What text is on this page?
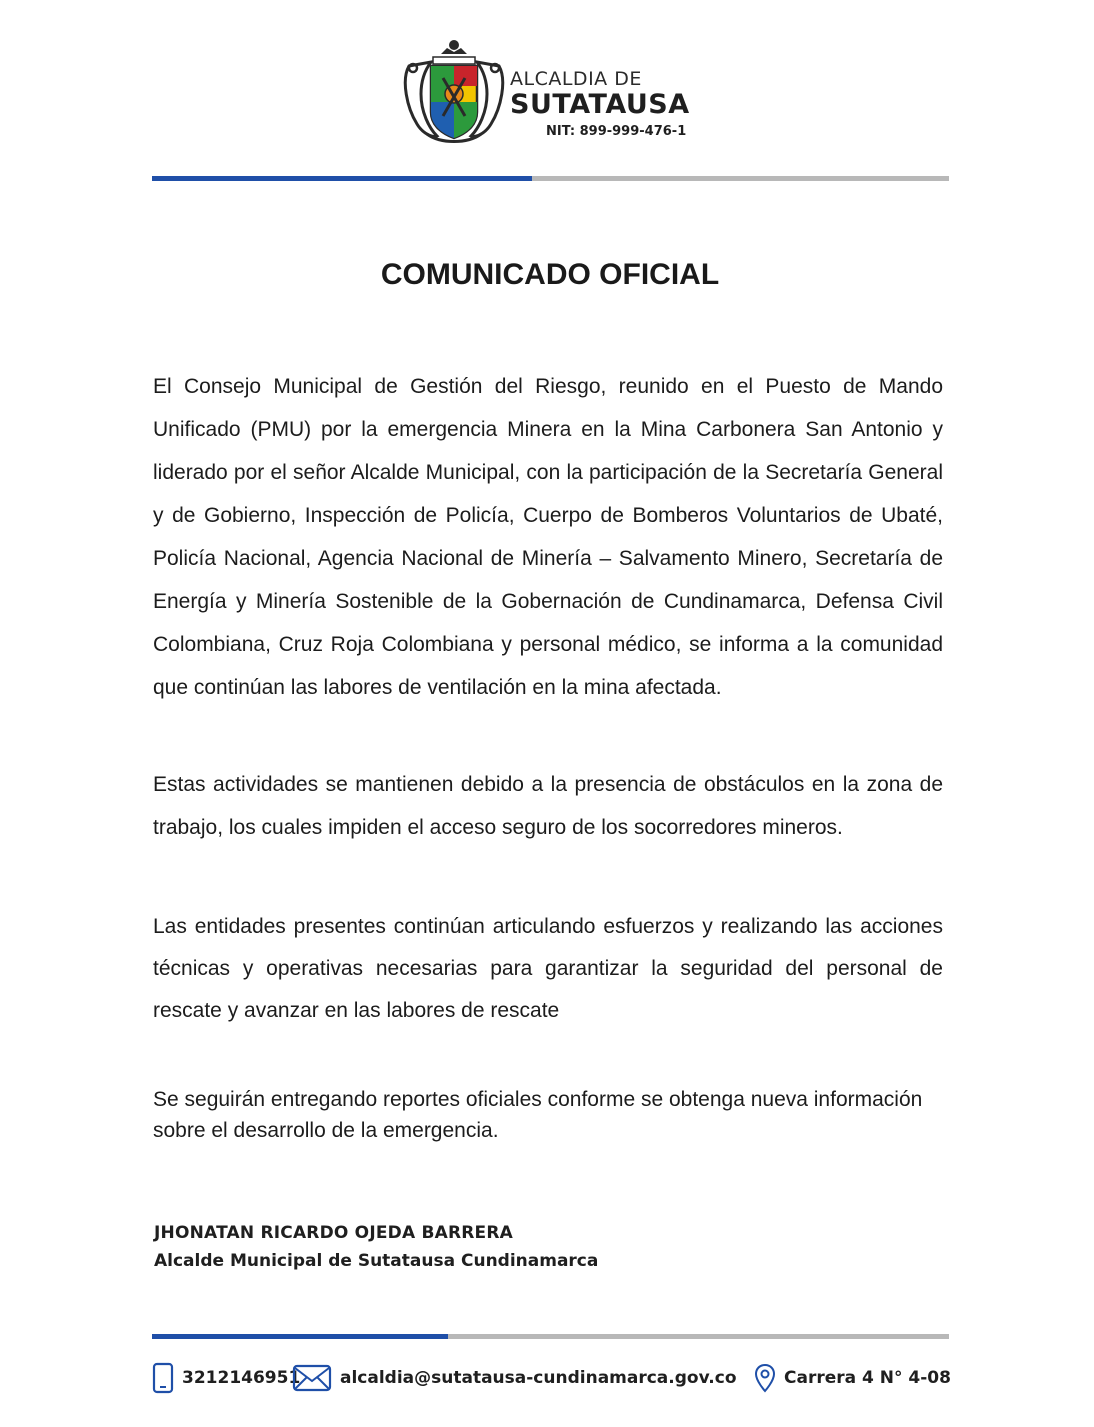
ALCALDIA DE
SUTATAUSA
NIT: 899-999-476-1
COMUNICADO OFICIAL

El Consejo Municipal de Gestión del Riesgo, reunido en el Puesto de Mando Unificado (PMU) por la emergencia Minera en la Mina Carbonera San Antonio y liderado por el señor Alcalde Municipal, con la participación de la Secretaría General y de Gobierno, Inspección de Policía, Cuerpo de Bomberos Voluntarios de Ubaté, Policía Nacional, Agencia Nacional de Minería – Salvamento Minero, Secretaría de Energía y Minería Sostenible de la Gobernación de Cundinamarca, Defensa Civil Colombiana, Cruz Roja Colombiana y personal médico, se informa a la comunidad que continúan las labores de ventilación en la mina afectada.

Estas actividades se mantienen debido a la presencia de obstáculos en la zona de trabajo, los cuales impiden el acceso seguro de los socorredores mineros.

Las entidades presentes continúan articulando esfuerzos y realizando las acciones técnicas y operativas necesarias para garantizar la seguridad del personal de rescate y avanzar en las labores de rescate

Se seguirán entregando reportes oficiales conforme se obtenga nueva información sobre el desarrollo de la emergencia.

JHONATAN RICARDO OJEDA BARRERA
Alcalde Municipal de Sutatausa Cundinamarca
3212146951 alcaldia@sutatausa-cundinamarca.gov.co	Carrera 4 N° 4-08
